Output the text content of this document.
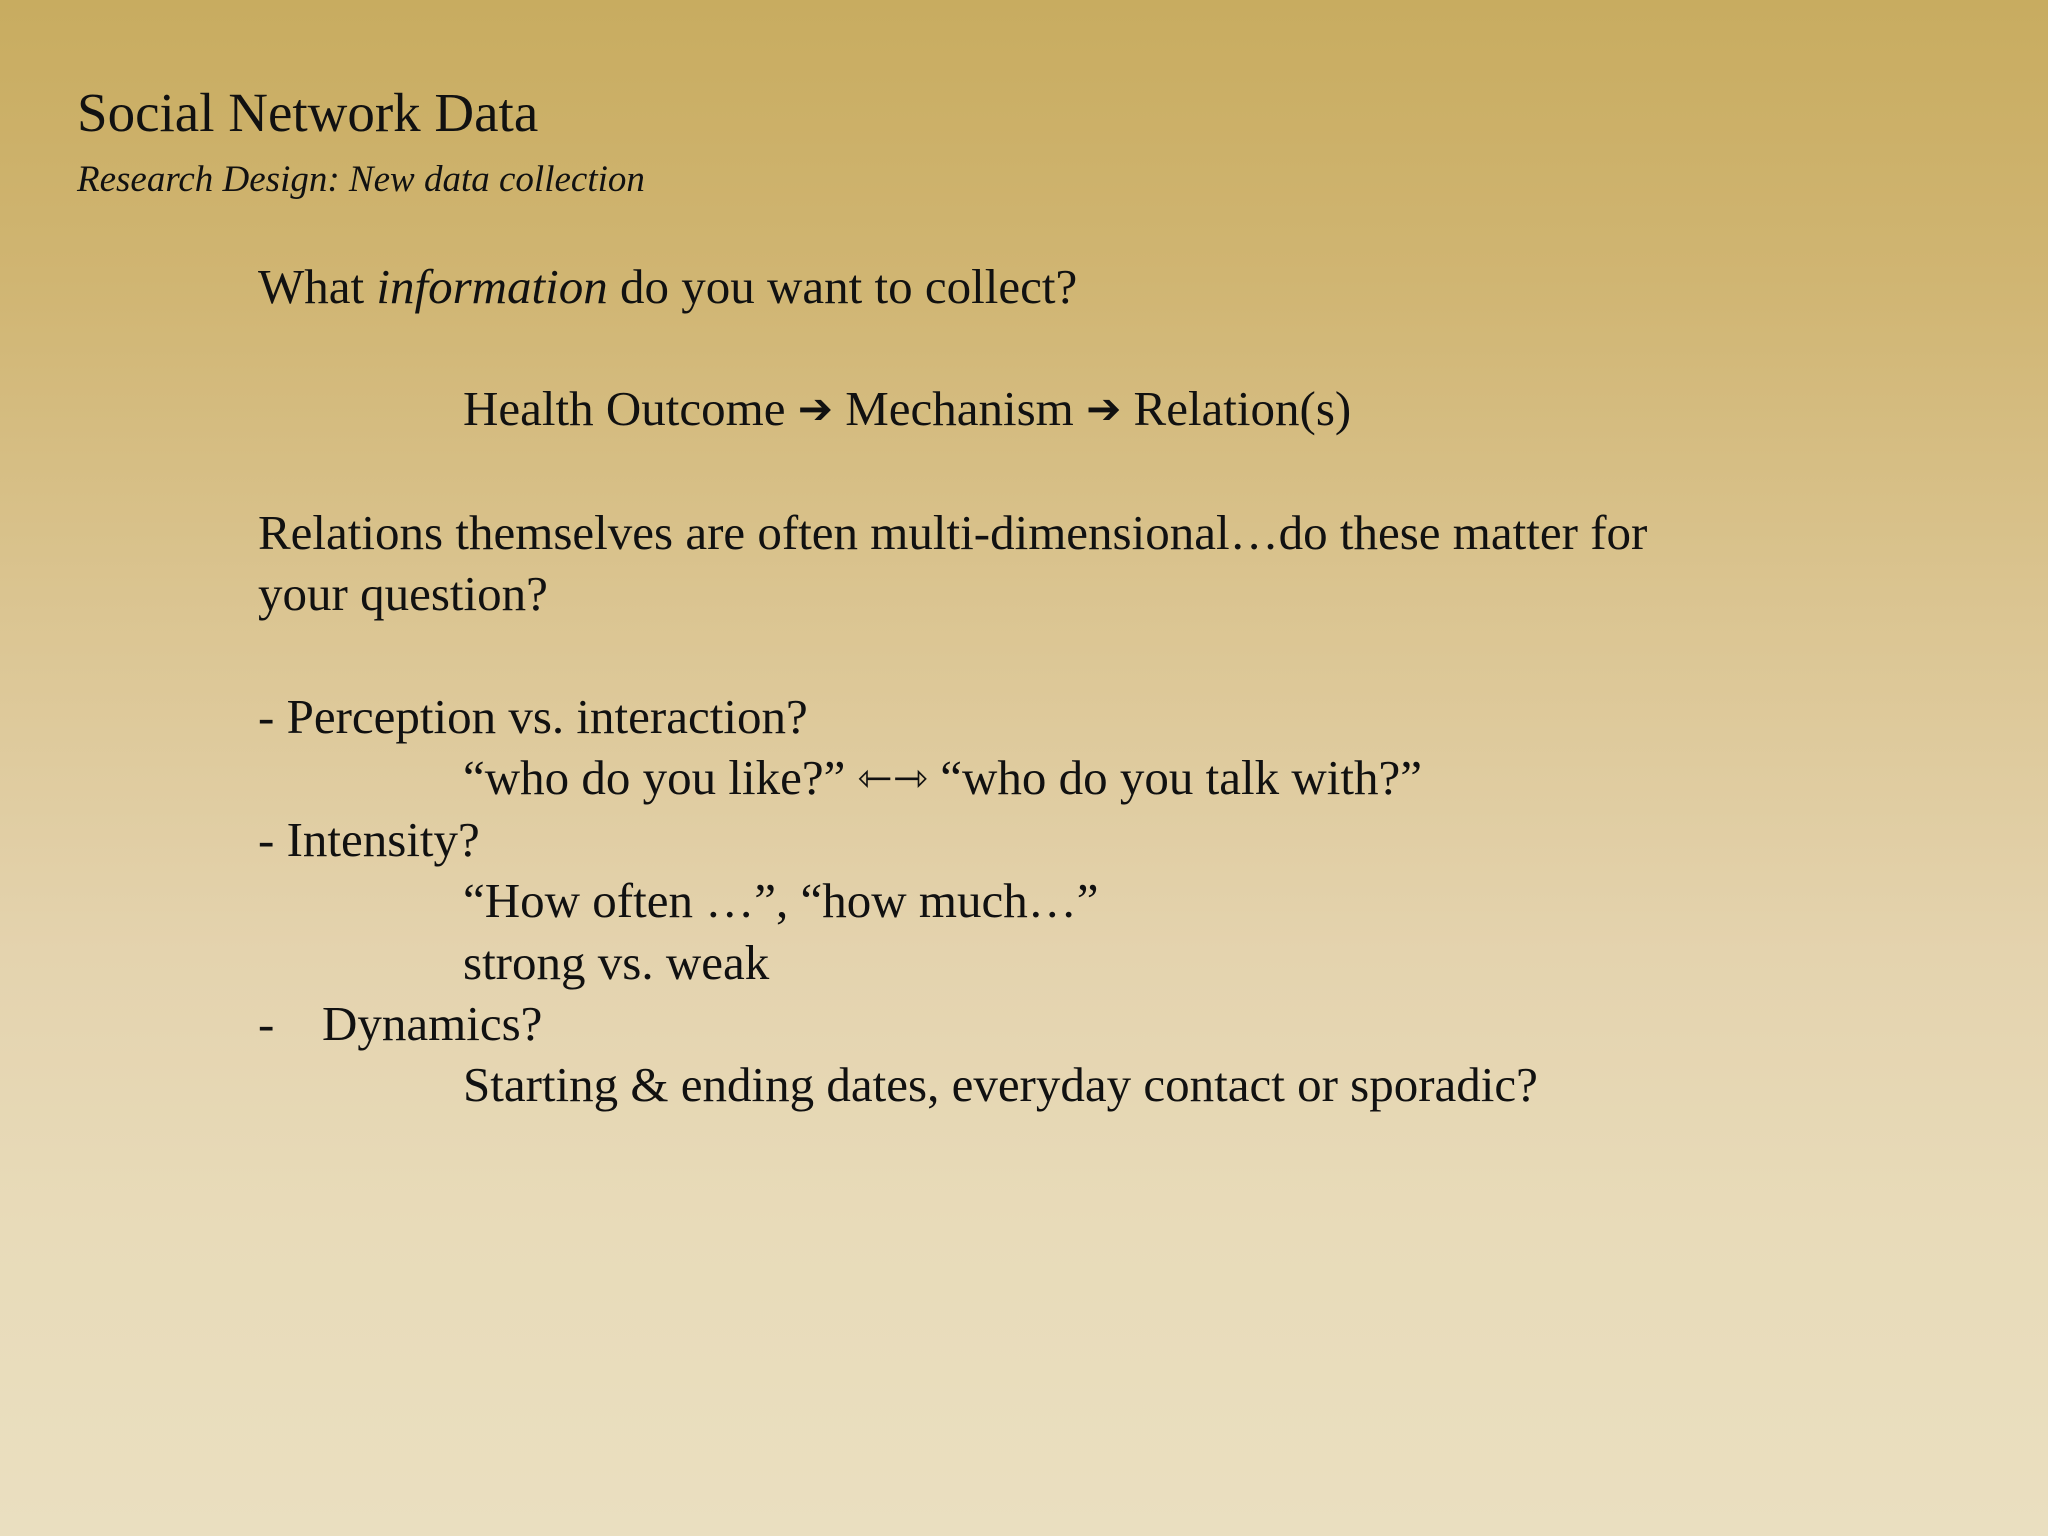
Social Network Data
Research Design: New data collection
What information do you want to collect?
Health Outcome ➔ Mechanism ➔ Relation(s)
Relations themselves are often multi-dimensional…do these matter for
your question?
- Perception vs. interaction?
“who do you like?” ⇽⇾ “who do you talk with?”
- Intensity?
“How often …”, “how much…”
strong vs. weak
- Dynamics?
Starting & ending dates, everyday contact or sporadic?
